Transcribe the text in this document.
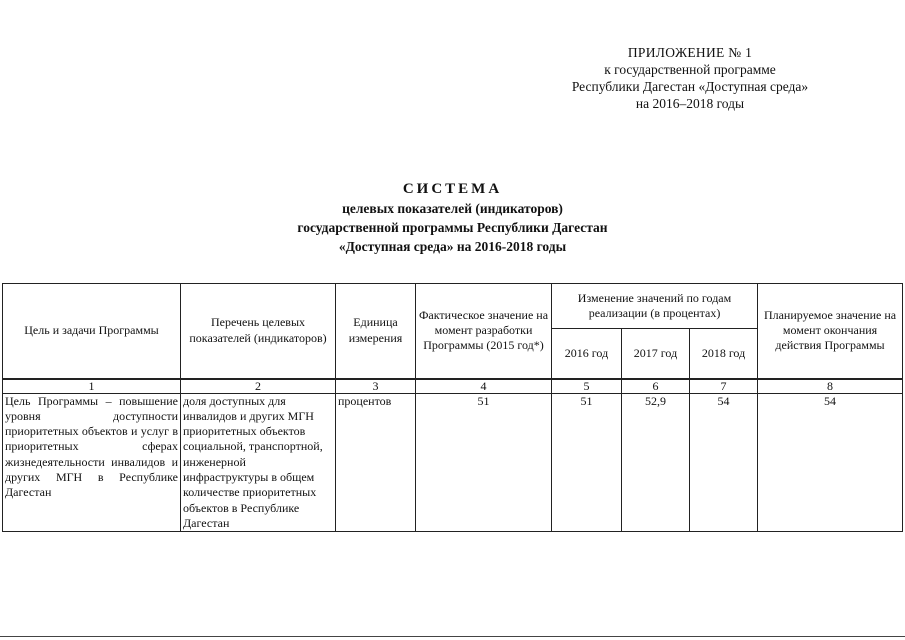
ПРИЛОЖЕНИЕ № 1
к государственной программе
Республики Дагестан «Доступная среда»
на 2016–2018 годы
СИСТЕМА
целевых показателей (индикаторов)
государственной программы Республики Дагестан
«Доступная среда» на 2016-2018 годы
Цель и задачи Программы	Перечень целевых показателей (индикаторов)	Единица измерения	Фактическое значение на момент разработки Программы (2015 год*)	Изменение значений по годам реализации (в процентах)			Планируемое значение на момент окончания действия Программы
				2016 год	2017 год	2018 год	
1	2	3	4	5	6	7	8
Цель Программы – повышение уровня доступности приоритетных объектов и услуг в приоритетных сферах жизнедеятельности инвалидов и других МГН в Республике Дагестан	доля доступных для инвалидов и других МГН приоритетных объектов социальной, транспортной, инженерной инфраструктуры в общем количестве приоритетных объектов в Республике Дагестан	процентов	51	51	52,9	54	54
